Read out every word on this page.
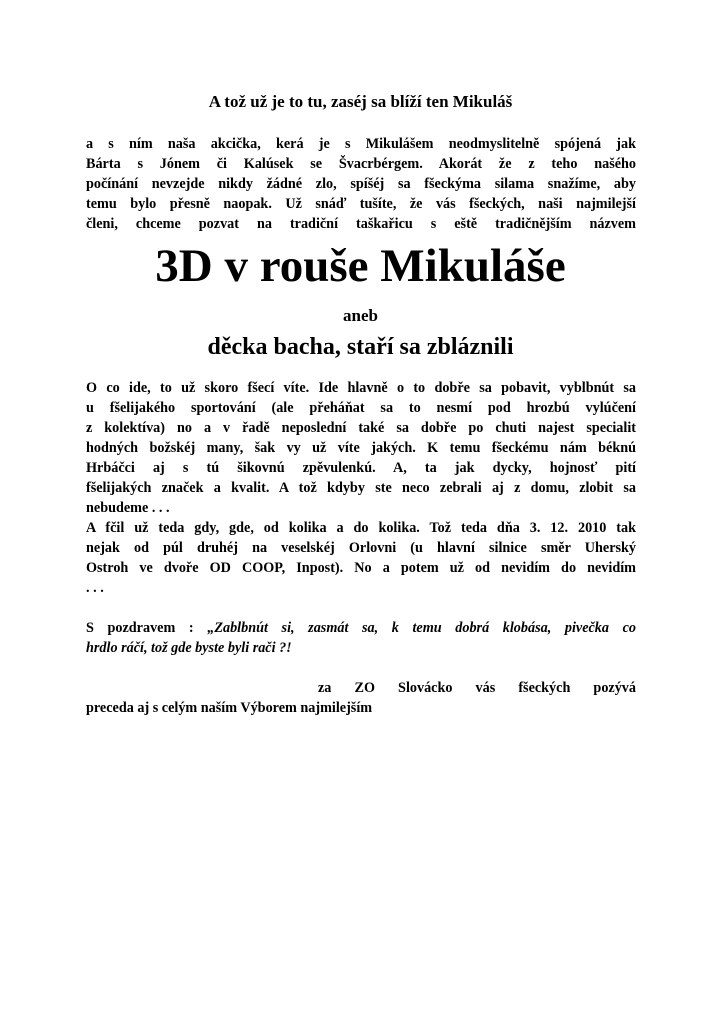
A tož už je to tu, zaséj sa blíží ten Mikuláš
a s ním naša akcička, kerá je s Mikulášem neodmyslitelně spójená jak
Bárta s Jónem či Kalúsek se Švacrbérgem. Akorát že z teho našého
počínání nevzejde nikdy žádné zlo, spíšéj sa fšeckýma silama snažíme, aby
temu bylo přesně naopak. Už snáď tušíte, že vás fšeckých, naši najmilejší
členi, chceme pozvat na tradiční taškařicu s eště tradičnějším názvem
3D v rouše Mikuláše
aneb
děcka bacha, staří sa zbláznili
O co ide, to už skoro fšecí víte. Ide hlavně o to dobře sa pobavit, vyblbnút sa
u fšelijakého sportování (ale přeháňat sa to nesmí pod hrozbú vylúčení
z kolektíva) no a v řadě neposlední také sa dobře po chuti najest specialit
hodných božskéj many, šak vy už víte jakých. K temu fšeckému nám béknú
Hrbáčci aj s tú šikovnú zpěvulenkú. A, ta jak dycky, hojnosť pití
fšelijakých značek a kvalit. A tož kdyby ste neco zebrali aj z domu, zlobit sa
nebudeme . . .
A fčil už teda gdy, gde, od kolika a do kolika. Tož teda dňa 3. 12. 2010 tak
nejak od púl druhéj na veselskéj Orlovni (u hlavní silnice směr Uherský
Ostroh ve dvoře OD COOP, Inpost). No a potem už od nevidím do nevidím
. . .
S pozdravem : „Zablbnút si, zasmát sa, k temu dobrá klobása, pivečka co
hrdlo ráčí, tož gde byste byli rači ?!
za ZO Slovácko vás fšeckých pozývá
preceda aj s celým naším Výborem najmilejším
